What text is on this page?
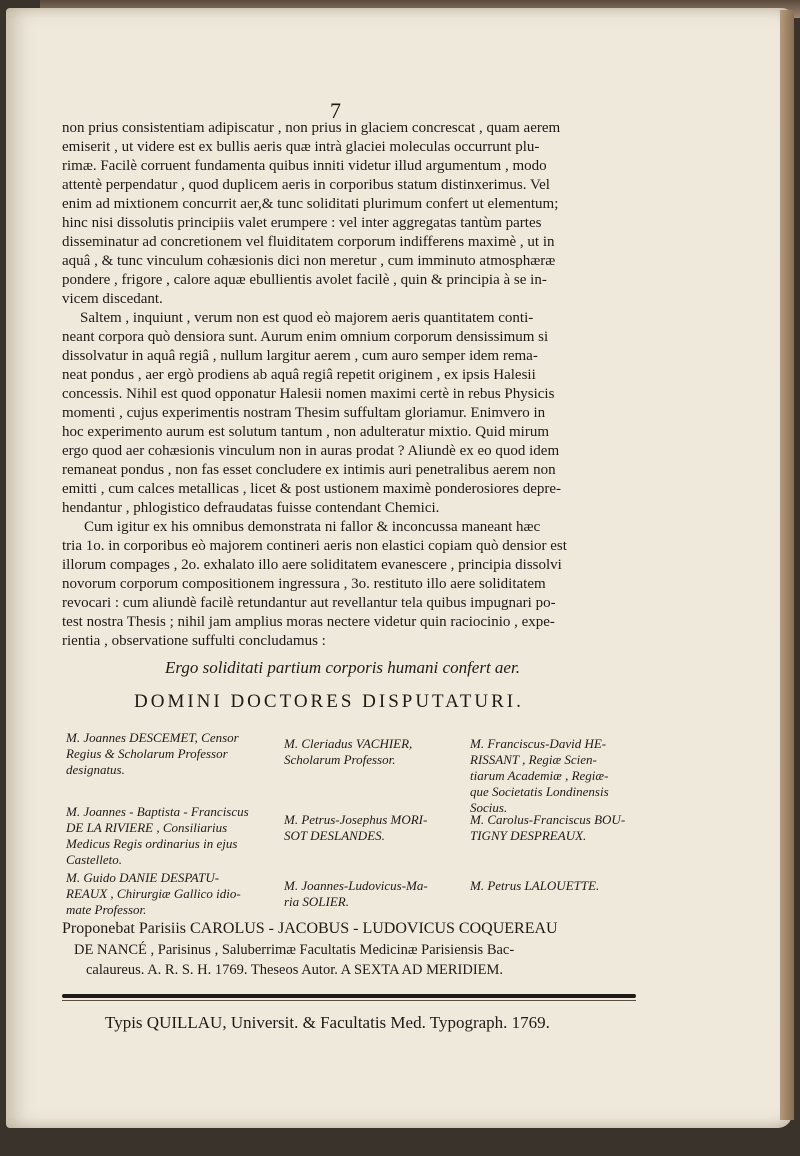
7
non prius consistentiam adipiscatur , non prius in glaciem concrescat , quam aerem
emiserit , ut videre est ex bullis aeris quæ intrà glaciei moleculas occurrunt plu-
rimæ. Facilè corruent fundamenta quibus inniti videtur illud argumentum , modo
attentè perpendatur , quod duplicem aeris in corporibus statum distinxerimus. Vel
enim ad mixtionem concurrit aer,& tunc soliditati plurimum confert ut elementum;
hinc nisi dissolutis principiis valet erumpere : vel inter aggregatas tantùm partes
disseminatur ad concretionem vel fluiditatem corporum indifferens maximè , ut in
aquâ , & tunc vinculum cohæsionis dici non meretur , cum imminuto atmosphæræ
pondere , frigore , calore aquæ ebullientis avolet facilè , quin & principia à se in-
vicem discedant.
Saltem , inquiunt , verum non est quod eò majorem aeris quantitatem conti-
neant corpora quò densiora sunt. Aurum enim omnium corporum densissimum si
dissolvatur in aquâ regiâ , nullum largitur aerem , cum auro semper idem rema-
neat pondus , aer ergò prodiens ab aquâ regiâ repetit originem , ex ipsis Halesii
concessis. Nihil est quod opponatur Halesii nomen maximi certè in rebus Physicis
momenti , cujus experimentis nostram Thesim suffultam gloriamur. Enimvero in
hoc experimento aurum est solutum tantum , non adulteratur mixtio. Quid mirum
ergo quod aer cohæsionis vinculum non in auras prodat ? Aliundè ex eo quod idem
remaneat pondus , non fas esset concludere ex intimis auri penetralibus aerem non
emitti , cum calces metallicas , licet & post ustionem maximè ponderosiores depre-
hendantur , phlogistico defraudatas fuisse contendant Chemici.
Cum igitur ex his omnibus demonstrata ni fallor & inconcussa maneant hæc
tria 1o. in corporibus eò majorem contineri aeris non elastici copiam quò densior est
illorum compages , 2o. exhalato illo aere soliditatem evanescere , principia dissolvi
novorum corporum compositionem ingressura , 3o. restituto illo aere soliditatem
revocari : cum aliundè facilè retundantur aut revellantur tela quibus impugnari po-
test nostra Thesis ; nihil jam amplius moras nectere videtur quin raciocinio , expe-
rientia , observatione suffulti concludamus :
Ergo soliditati partium corporis humani confert aer.
DOMINI DOCTORES DISPUTATURI.
M. Joannes DESCEMET, Censor
Regius & Scholarum Professor
designatus.
M. Cleriadus VACHIER,
Scholarum Professor.
M. Franciscus-David HE-
RISSANT , Regiæ Scien-
tiarum Academiæ , Regiæ-
que Societatis Londinensis
Socius.
M. Joannes - Baptista - Franciscus
DE LA RIVIERE , Consiliarius
Medicus Regis ordinarius in ejus
Castelleto.
M. Petrus-Josephus MORI-
SOT DESLANDES.
M. Carolus-Franciscus BOU-
TIGNY DESPREAUX.
M. Guido DANIE DESPATU-
REAUX , Chirurgiæ Gallico idio-
mate Professor.
M. Joannes-Ludovicus-Ma-
ria SOLIER.
M. Petrus LALOUETTE.
Proponebat Parisiis CAROLUS - JACOBUS - LUDOVICUS COQUEREAU
DE NANCÉ , Parisinus , Saluberrimæ Facultatis Medicinæ Parisiensis Bac-
calaureus. A. R. S. H. 1769. Theseos Autor. A SEXTA AD MERIDIEM.
Typis QUILLAU, Universit. & Facultatis Med. Typograph. 1769.
